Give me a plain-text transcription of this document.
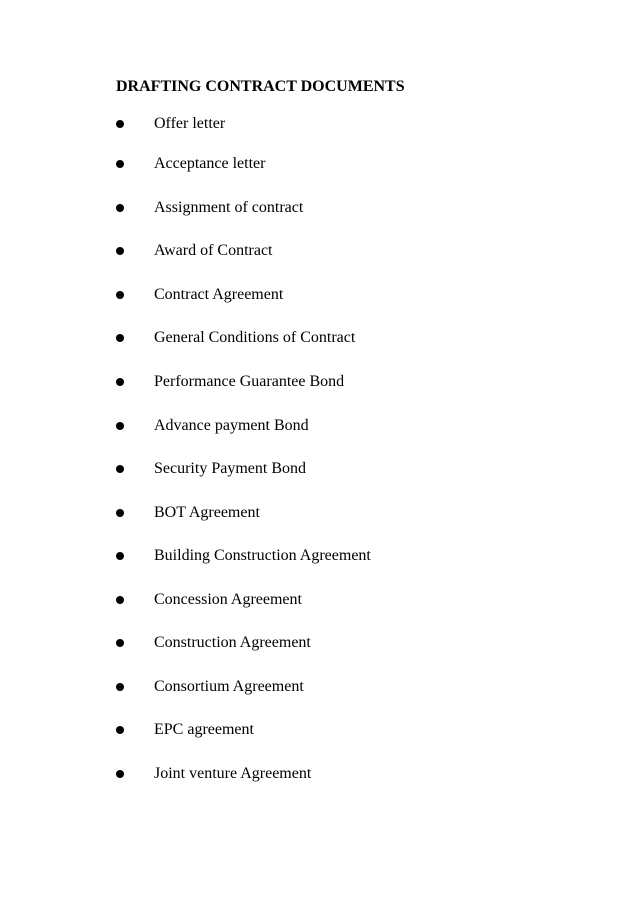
DRAFTING CONTRACT DOCUMENTS
Offer letter
Acceptance letter
Assignment of contract
Award of Contract
Contract Agreement
General Conditions of Contract
Performance Guarantee Bond
Advance payment Bond
Security Payment Bond
BOT Agreement
Building Construction Agreement
Concession Agreement
Construction Agreement
Consortium Agreement
EPC agreement
Joint venture Agreement
